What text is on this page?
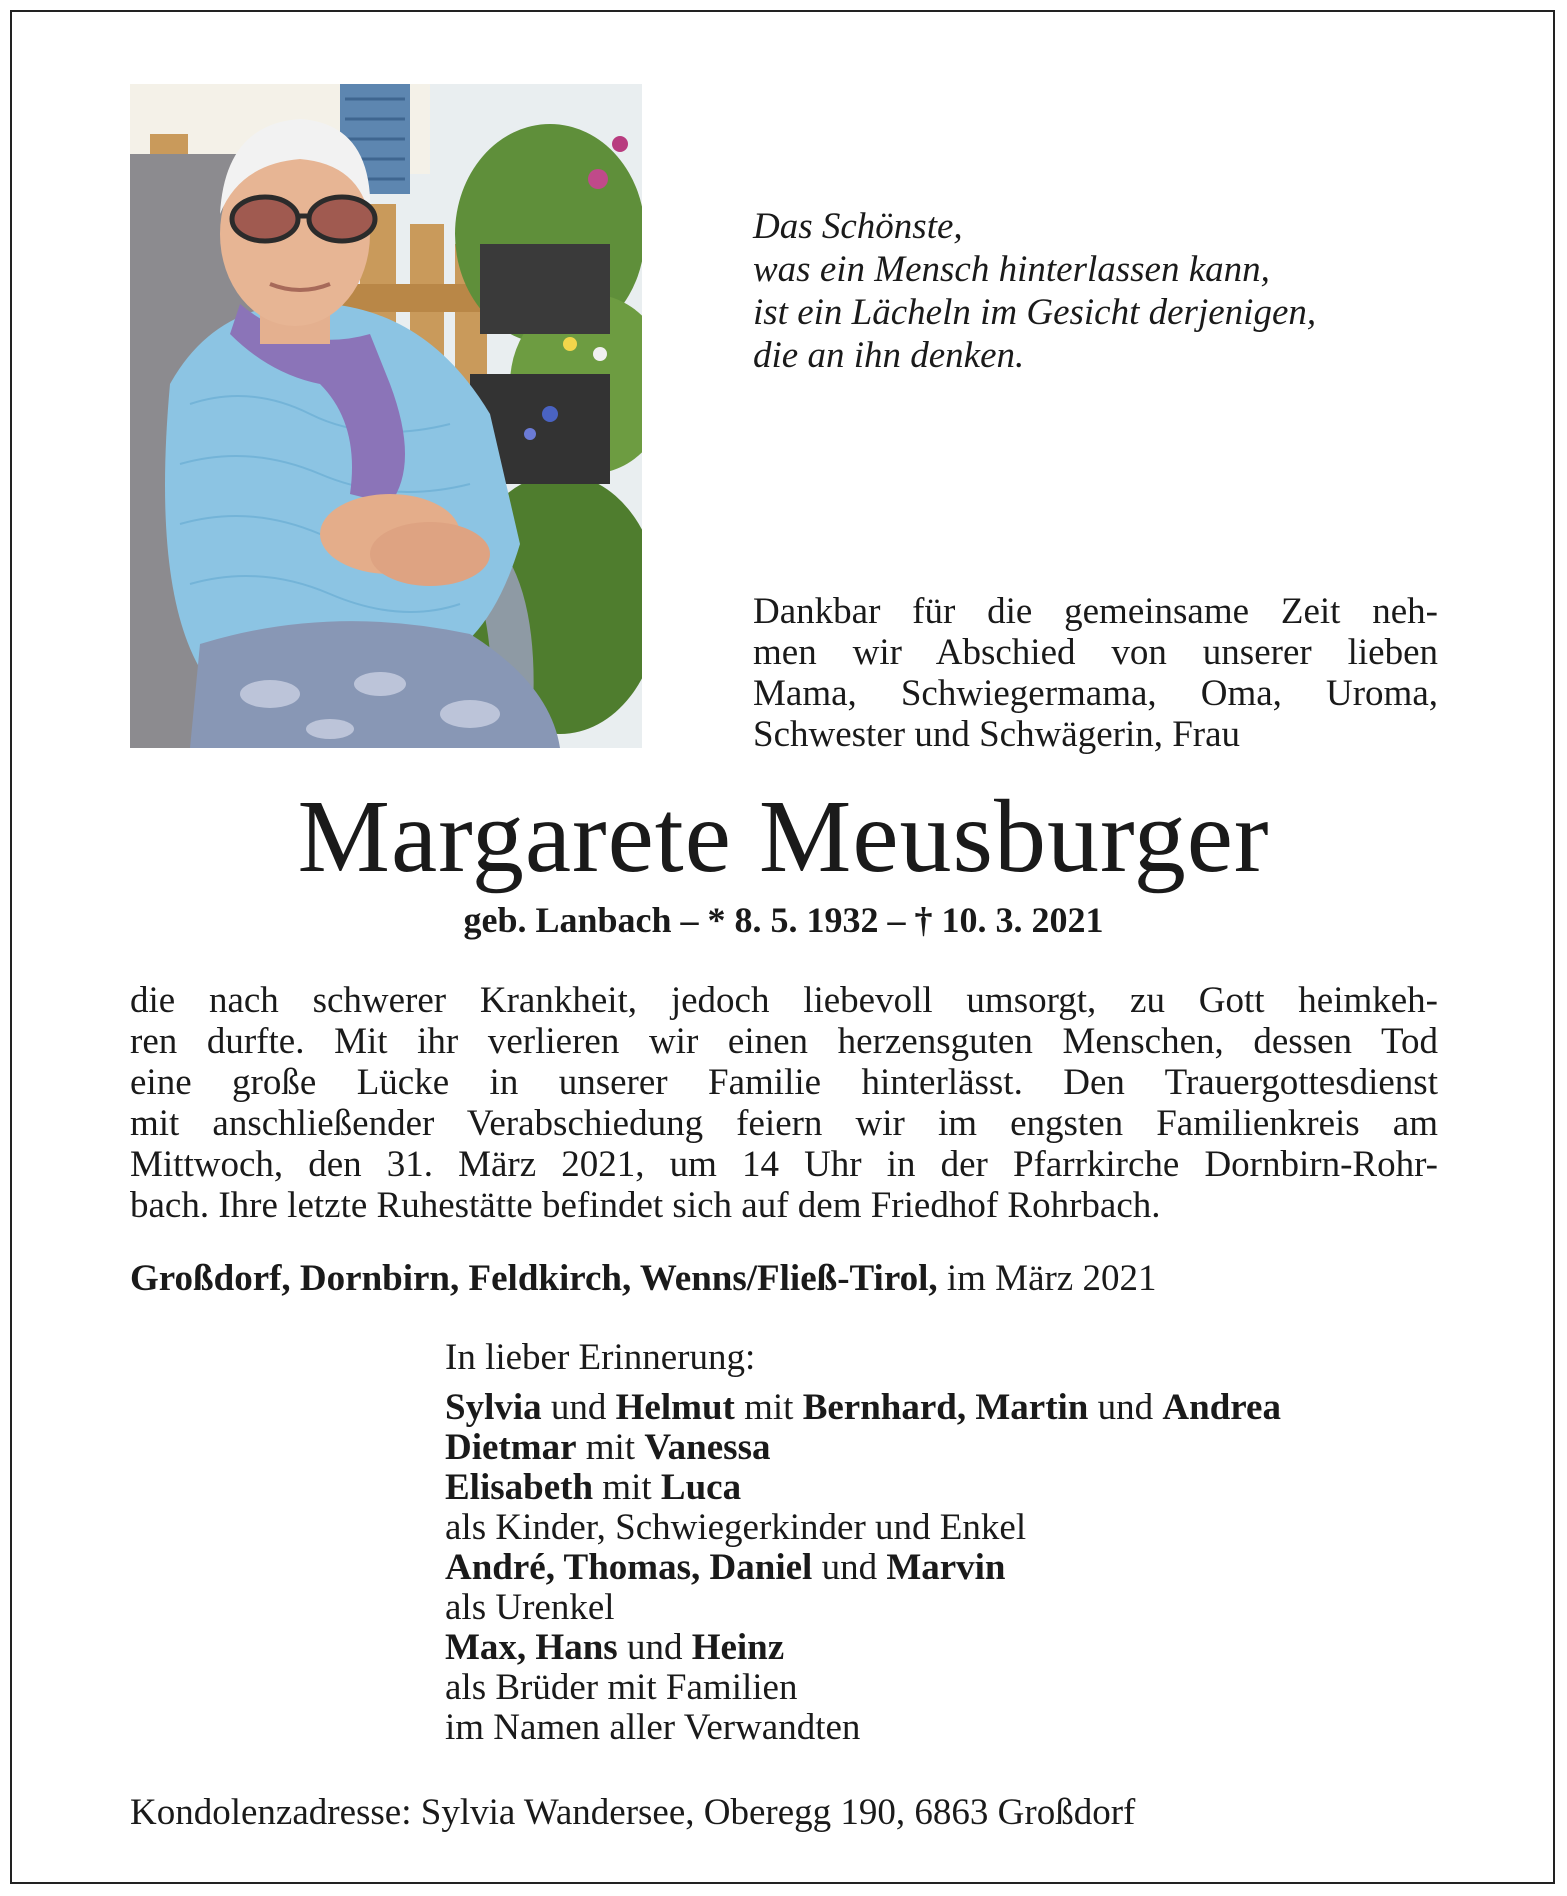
Das Schönste,
was ein Mensch hinterlassen kann,
ist ein Lächeln im Gesicht derjenigen,
die an ihn denken.
Dankbar für die gemeinsame Zeit neh-
men wir Abschied von unserer lieben
Mama, Schwiegermama, Oma, Uroma,
Schwester und Schwägerin, Frau
Margarete Meusburger
geb. Lanbach – * 8. 5. 1932 – † 10. 3. 2021
die nach schwerer Krankheit, jedoch liebevoll umsorgt, zu Gott heimkeh-
ren durfte. Mit ihr verlieren wir einen herzensguten Menschen, dessen Tod
eine große Lücke in unserer Familie hinterlässt. Den Trauergottesdienst
mit anschließender Verabschiedung feiern wir im engsten Familienkreis am
Mittwoch, den 31. März 2021, um 14 Uhr in der Pfarrkirche Dornbirn-Rohr-
bach. Ihre letzte Ruhestätte befindet sich auf dem Friedhof Rohrbach.
Großdorf, Dornbirn, Feldkirch, Wenns/Fließ-Tirol, im März 2021
In lieber Erinnerung:
Sylvia und Helmut mit Bernhard, Martin und Andrea
Dietmar mit Vanessa
Elisabeth mit Luca
als Kinder, Schwiegerkinder und Enkel
André, Thomas, Daniel und Marvin
als Urenkel
Max, Hans und Heinz
als Brüder mit Familien
im Namen aller Verwandten
Kondolenzadresse: Sylvia Wandersee, Oberegg 190, 6863 Großdorf
